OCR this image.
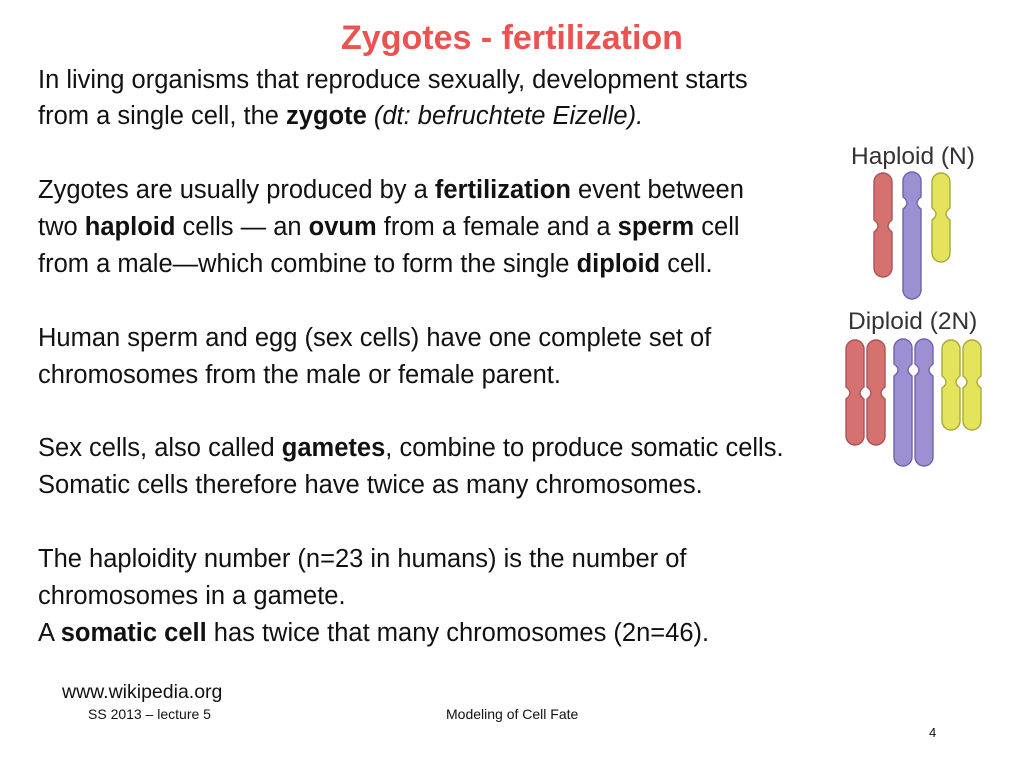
Zygotes - fertilization
In living organisms that reproduce sexually, development starts
from a single cell, the zygote (dt: befruchtete Eizelle).
Zygotes are usually produced by a fertilization event between
two haploid cells — an ovum from a female and a sperm cell
from a male—which combine to form the single diploid cell.
Human sperm and egg (sex cells) have one complete set of
chromosomes from the male or female parent.
Sex cells, also called gametes, combine to produce somatic cells.
Somatic cells therefore have twice as many chromosomes.
The haploidity number (n=23 in humans) is the number of
chromosomes in a gamete.
A somatic cell has twice that many chromosomes (2n=46).
Haploid (N)
Diploid (2N)
www.wikipedia.org
SS 2013 – lecture 5	Modeling of Cell Fate
4
